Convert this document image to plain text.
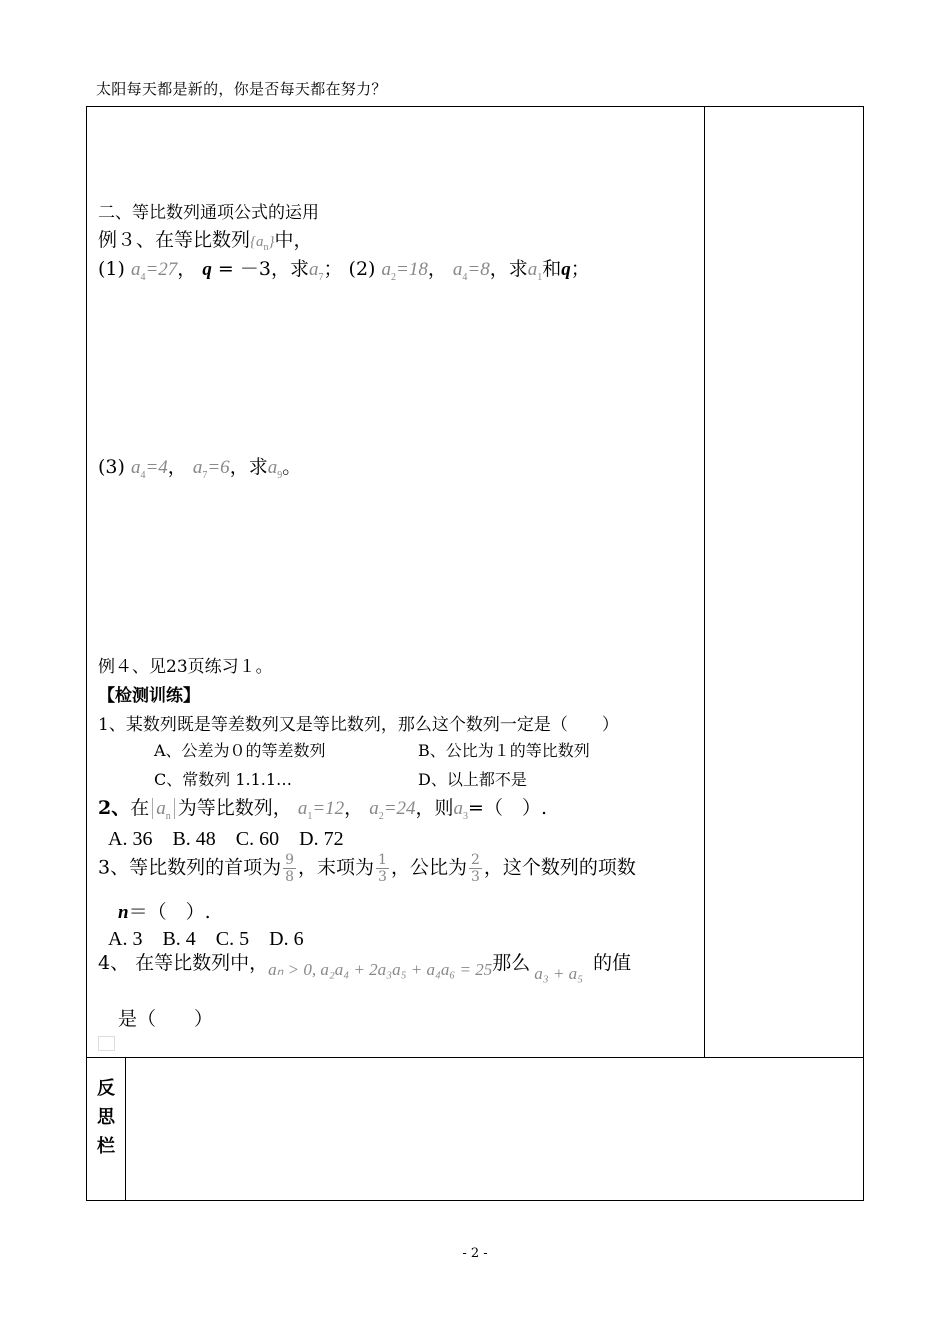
太阳每天都是新的，你是否每天都在努力？
二、等比数列通项公式的运用
例３、在等比数列$\{a_n\}$中，
(1) $a_4=27$， q = －3，求$a_7$； (2) $a_2=18$， $a_4=8$，求$a_1$和q；
(3) $a_4=4$， $a_7=6$，求$a_9$。
例４、见23页练习１。
【检测训练】
1、某数列既是等差数列又是等比数列，那么这个数列一定是（　　）
A、公差为０的等差数列	B、公比为１的等比数列
C、常数列 1.1.1…	D、以上都不是
2、在 $a_n$ 为等比数列， $a_1=12$， $a_2=24$，则$a_3=$（　）.
A. 36　B. 48　C. 60　D. 72
3、等比数列的首项为 $\frac{9}{8}$ ，末项为 $\frac{1}{3}$ ，公比为 $\frac{2}{3}$ ，这个数列的项数
n＝（　）.
A. 3　B. 4　C. 5　D. 6
4、 在等比数列中，aₙ > 0, a₂a₄ + 2a₃a₅ + a₄a₆ = 25那么 a₃ + a₅ 的值
是（　　）
反
思
栏
- 2 -
